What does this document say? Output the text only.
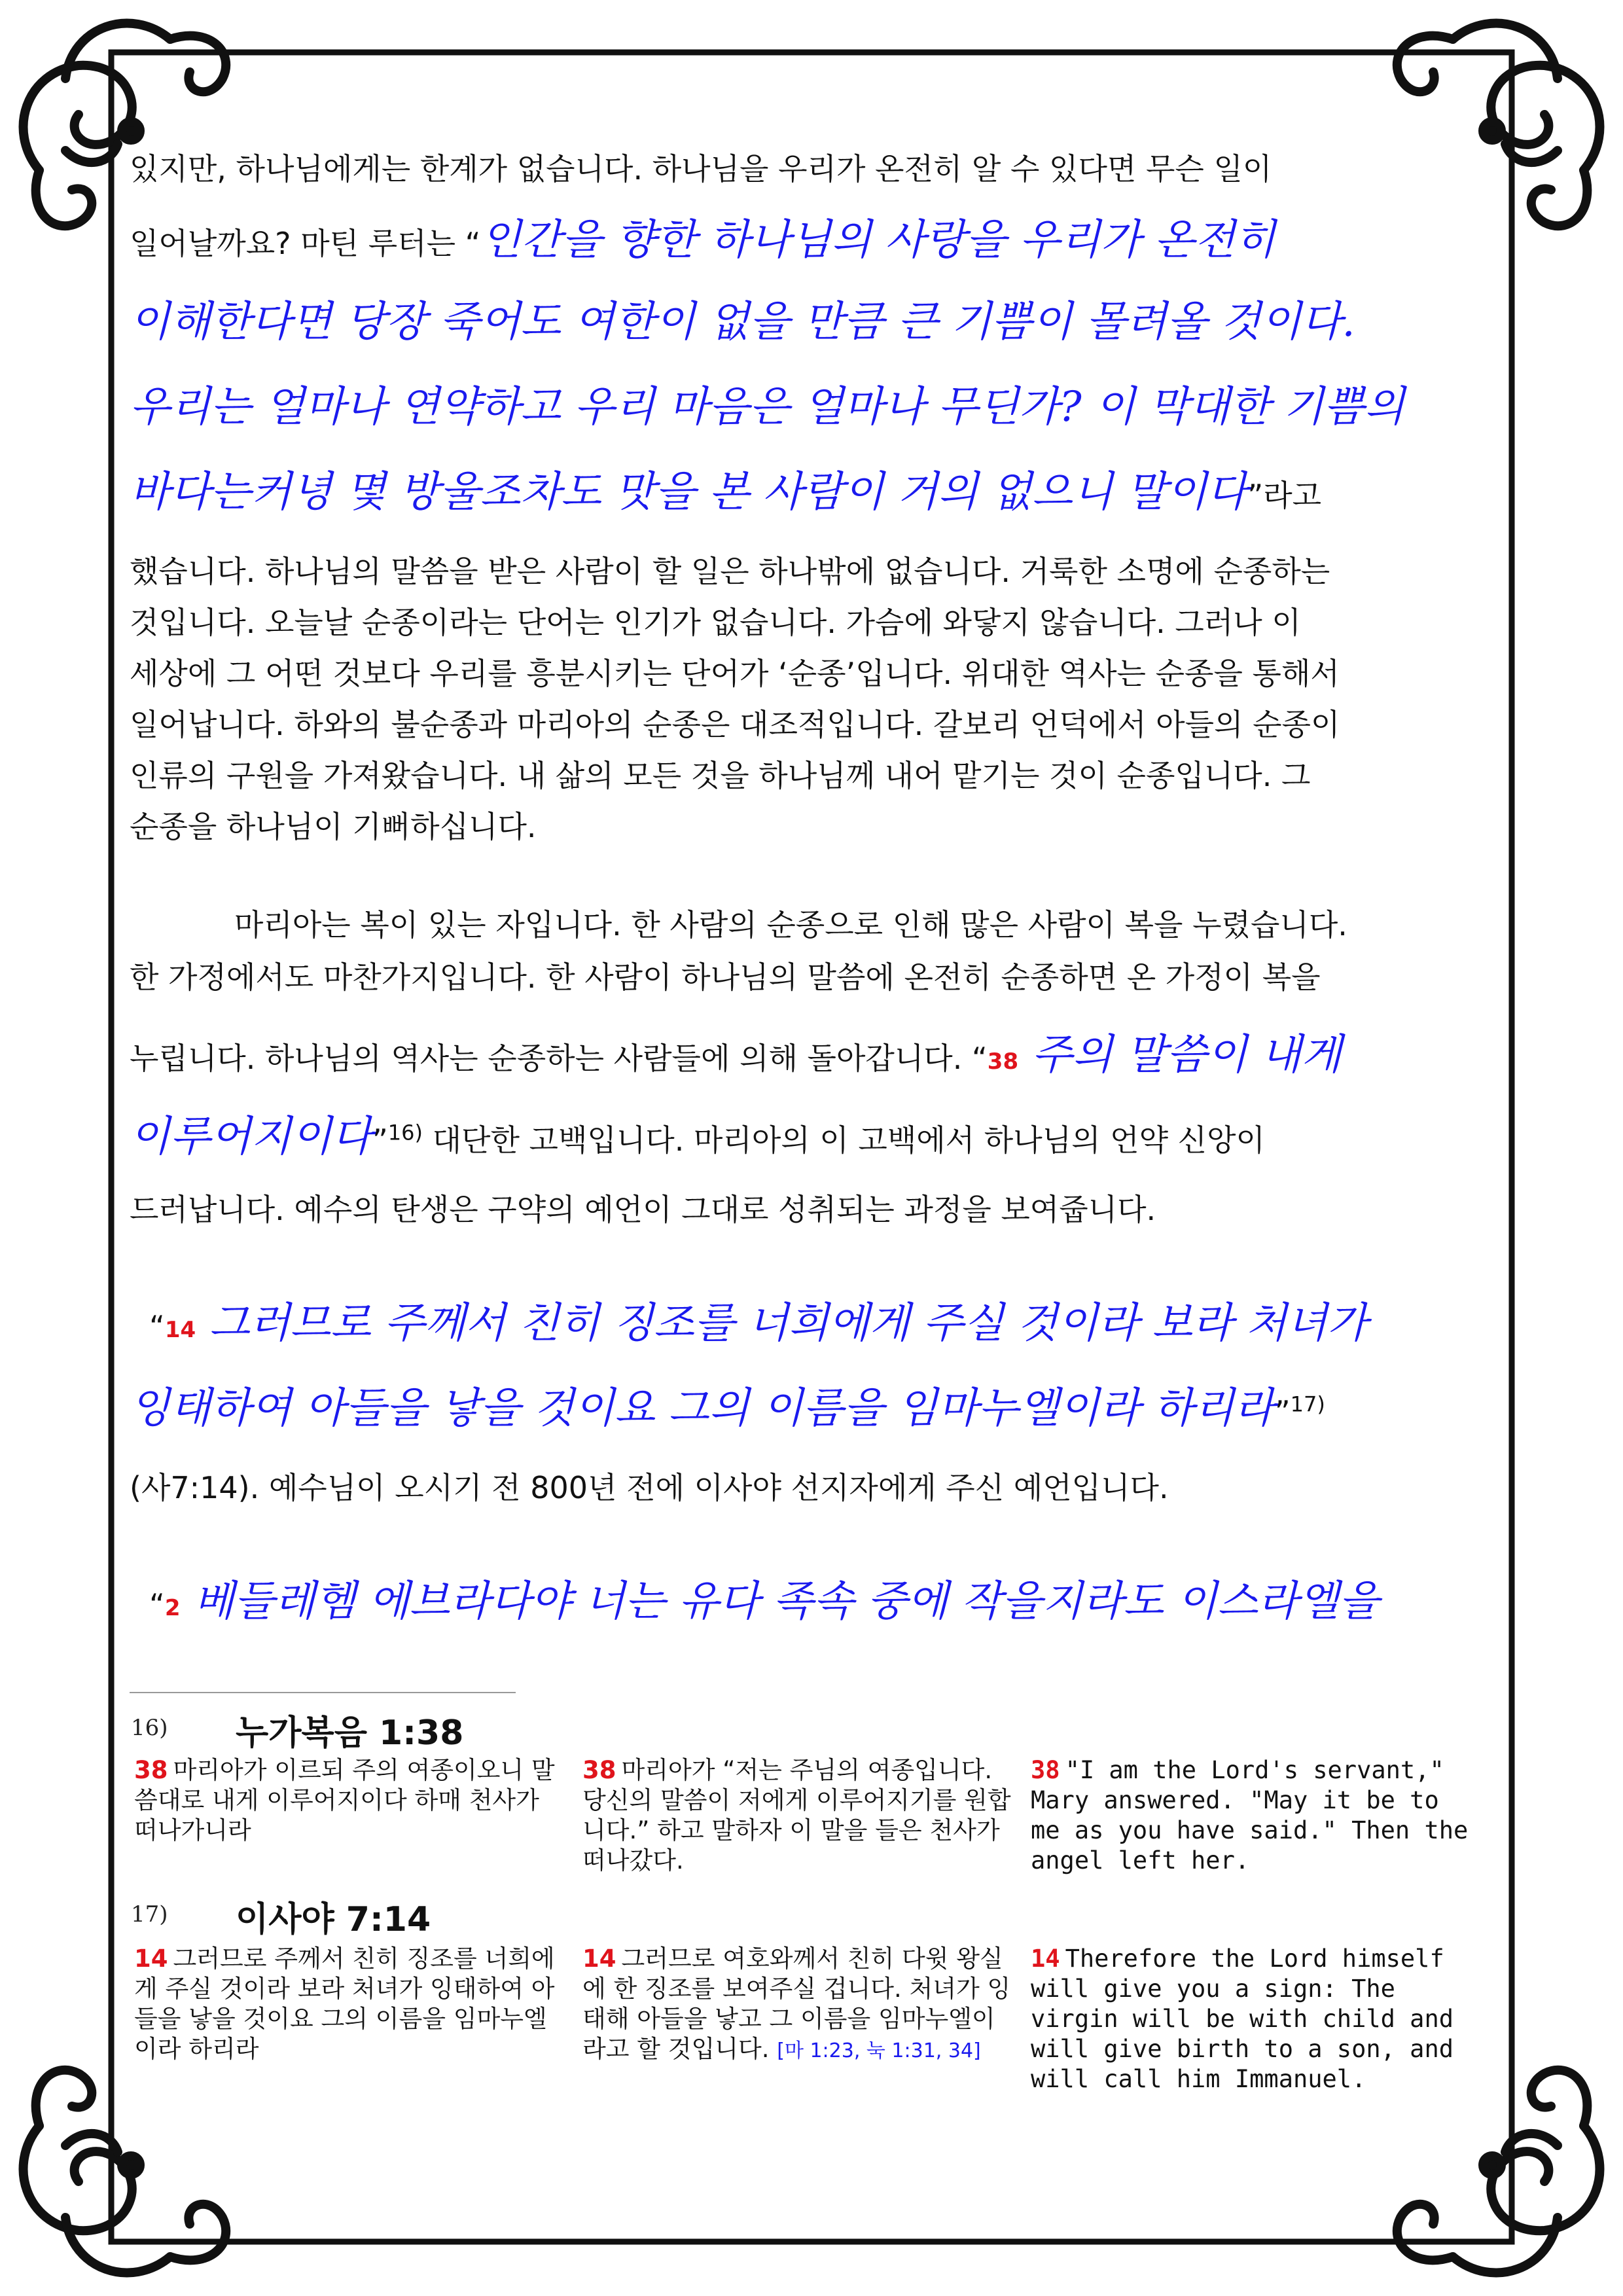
있지만, 하나님에게는 한계가 없습니다. 하나님을 우리가 온전히 알 수 있다면 무슨 일이
일어날까요? 마틴 루터는 “인간을 향한 하나님의 사랑을 우리가 온전히
이해한다면 당장 죽어도 여한이 없을 만큼 큰 기쁨이 몰려올 것이다.
우리는 얼마나 연약하고 우리 마음은 얼마나 무딘가? 이 막대한 기쁨의
바다는커녕 몇 방울조차도 맛을 본 사람이 거의 없으니 말이다”라고
했습니다. 하나님의 말씀을 받은 사람이 할 일은 하나밖에 없습니다. 거룩한 소명에 순종하는
것입니다. 오늘날 순종이라는 단어는 인기가 없습니다. 가슴에 와닿지 않습니다. 그러나 이
세상에 그 어떤 것보다 우리를 흥분시키는 단어가 ‘순종’입니다. 위대한 역사는 순종을 통해서
일어납니다. 하와의 불순종과 마리아의 순종은 대조적입니다. 갈보리 언덕에서 아들의 순종이
인류의 구원을 가져왔습니다. 내 삶의 모든 것을 하나님께 내어 맡기는 것이 순종입니다. 그
순종을 하나님이 기뻐하십니다.
마리아는 복이 있는 자입니다. 한 사람의 순종으로 인해 많은 사람이 복을 누렸습니다.
한 가정에서도 마찬가지입니다. 한 사람이 하나님의 말씀에 온전히 순종하면 온 가정이 복을
누립니다. 하나님의 역사는 순종하는 사람들에 의해 돌아갑니다. “38 주의 말씀이 내게
이루어지이다”$^{16)}$ 대단한 고백입니다. 마리아의 이 고백에서 하나님의 언약 신앙이
드러납니다. 예수의 탄생은 구약의 예언이 그대로 성취되는 과정을 보여줍니다.
“14 그러므로 주께서 친히 징조를 너희에게 주실 것이라 보라 처녀가
잉태하여 아들을 낳을 것이요 그의 이름을 임마누엘이라 하리라”$^{17)}$
(사7:14). 예수님이 오시기 전 800년 전에 이사야 선지자에게 주신 예언입니다.
“2 베들레헴 에브라다야 너는 유다 족속 중에 작을지라도 이스라엘을
16) 누가복음 1:38
38 마리아가 이르되 주의 여종이오니 말씀대로 내게 이루어지이다 하매 천사가 떠나가니라
38 마리아가 “저는 주님의 여종입니다. 당신의 말씀이 저에게 이루어지기를 원합니다.” 하고 말하자 이 말을 들은 천사가 떠나갔다.
38 "I am the Lord's servant," Mary answered. "May it be to me as you have said." Then the angel left her.
17) 이사야 7:14
14 그러므로 주께서 친히 징조를 너희에게 주실 것이라 보라 처녀가 잉태하여 아들을 낳을 것이요 그의 이름을 임마누엘이라 하리라
14 그러므로 여호와께서 친히 다윗 왕실에 한 징조를 보여주실 겁니다. 처녀가 잉태해 아들을 낳고 그 이름을 임마누엘이라고 할 것입니다. [마 1:23, 눅 1:31, 34]
14 Therefore the Lord himself will give you a sign: The virgin will be with child and will give birth to a son, and will call him Immanuel.
